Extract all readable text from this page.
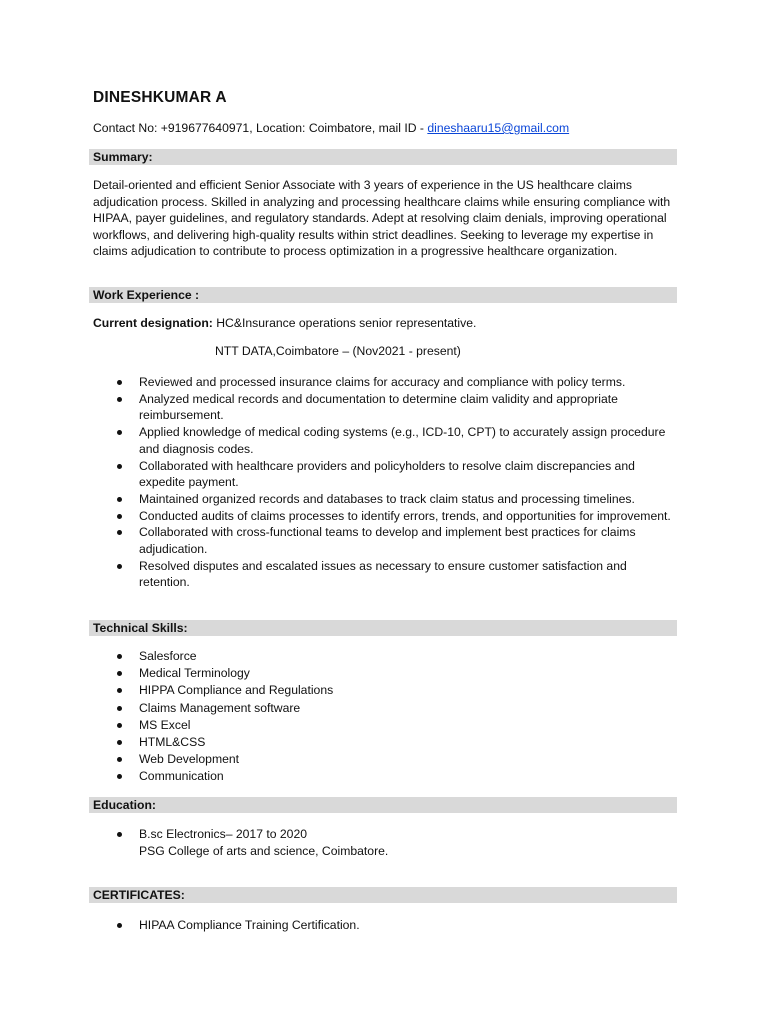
DINESHKUMAR A
Contact No: +919677640971, Location: Coimbatore, mail ID - dineshaaru15@gmail.com
Summary:
Detail-oriented and efficient Senior Associate with 3 years of experience in the US healthcare claims adjudication process. Skilled in analyzing and processing healthcare claims while ensuring compliance with HIPAA, payer guidelines, and regulatory standards. Adept at resolving claim denials, improving operational workflows, and delivering high-quality results within strict deadlines. Seeking to leverage my expertise in claims adjudication to contribute to process optimization in a progressive healthcare organization.
Work Experience :
Current designation: HC&Insurance operations senior representative.
NTT DATA,Coimbatore – (Nov2021 - present)
Reviewed and processed insurance claims for accuracy and compliance with policy terms.
Analyzed medical records and documentation to determine claim validity and appropriate reimbursement.
Applied knowledge of medical coding systems (e.g., ICD-10, CPT) to accurately assign procedure and diagnosis codes.
Collaborated with healthcare providers and policyholders to resolve claim discrepancies and expedite payment.
Maintained organized records and databases to track claim status and processing timelines.
Conducted audits of claims processes to identify errors, trends, and opportunities for improvement.
Collaborated with cross-functional teams to develop and implement best practices for claims adjudication.
Resolved disputes and escalated issues as necessary to ensure customer satisfaction and retention.
Technical Skills:
Salesforce
Medical Terminology
HIPPA Compliance and Regulations
Claims Management software
MS Excel
HTML&CSS
Web Development
Communication
Education:
B.sc Electronics– 2017 to 2020
PSG College of arts and science, Coimbatore.
CERTIFICATES:
HIPAA Compliance Training Certification.
